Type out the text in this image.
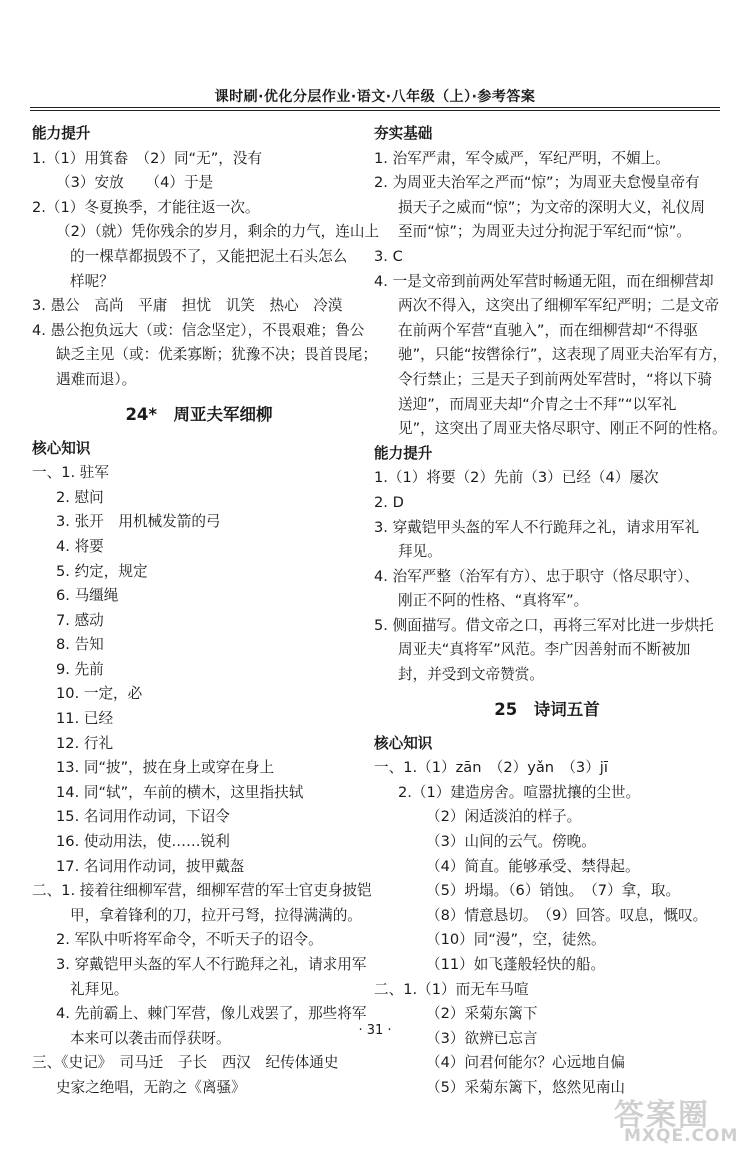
课时刷·优化分层作业·语文·八年级（上）·参考答案
能力提升
1.（1）用箕畚　（2）同“无”，没有
（3）安放　　（4）于是
2.（1）冬夏换季，才能往返一次。
（2）（就）凭你残余的岁月，剩余的力气，连山上
的一棵草都损毁不了，又能把泥土石头怎么
样呢？
3. 愚公　高尚　平庸　担忧　讥笑　热心　冷漠
4. 愚公抱负远大（或：信念坚定），不畏艰难；鲁公
缺乏主见（或：优柔寡断；犹豫不决；畏首畏尾；
遇难而退）。
24*　周亚夫军细柳
核心知识
一、1. 驻军
2. 慰问
3. 张开　用机械发箭的弓
4. 将要
5. 约定，规定
6. 马缰绳
7. 感动
8. 告知
9. 先前
10. 一定，必
11. 已经
12. 行礼
13. 同“披”，披在身上或穿在身上
14. 同“轼”，车前的横木，这里指扶轼
15. 名词用作动词，下诏令
16. 使动用法，使……锐利
17. 名词用作动词，披甲戴盔
二、1. 接着往细柳军营，细柳军营的军士官吏身披铠
甲，拿着锋利的刀，拉开弓弩，拉得满满的。
2. 军队中听将军命令，不听天子的诏令。
3. 穿戴铠甲头盔的军人不行跪拜之礼，请求用军
礼拜见。
4. 先前霸上、棘门军营，像儿戏罢了，那些将军
本来可以袭击而俘获呀。
三、《史记》　司马迁　子长　西汉　纪传体通史
史家之绝唱，无韵之《离骚》
夯实基础
1. 治军严肃，军令威严，军纪严明，不媚上。
2. 为周亚夫治军之严而“惊”；为周亚夫怠慢皇帝有
损天子之威而“惊”；为文帝的深明大义，礼仪周
至而“惊”；为周亚夫过分拘泥于军纪而“惊”。
3. C
4. 一是文帝到前两处军营时畅通无阻，而在细柳营却
两次不得入，这突出了细柳军军纪严明；二是文帝
在前两个军营“直驰入”，而在细柳营却“不得驱
驰”，只能“按辔徐行”，这表现了周亚夫治军有方，
令行禁止；三是天子到前两处军营时，“将以下骑
送迎”，而周亚夫却“介胄之士不拜”“以军礼
见”，这突出了周亚夫恪尽职守、刚正不阿的性格。
能力提升
1.（1）将要（2）先前（3）已经（4）屡次
2. D
3. 穿戴铠甲头盔的军人不行跪拜之礼，请求用军礼
拜见。
4. 治军严整（治军有方）、忠于职守（恪尽职守）、
刚正不阿的性格、“真将军”。
5. 侧面描写。借文帝之口，再将三军对比进一步烘托
周亚夫“真将军”风范。李广因善射而不断被加
封，并受到文帝赞赏。
25　诗词五首
核心知识
一、1.（1）zān　（2）yǎn　（3）jī
2.（1）建造房舍。喧嚣扰攘的尘世。
（2）闲适淡泊的样子。
（3）山间的云气。傍晚。
（4）简直。能够承受、禁得起。
（5）坍塌。（6）销蚀。　（7）拿，取。
（8）情意恳切。　（9）回答。叹息，慨叹。
（10）同“漫”，空，徒然。
（11）如飞蓬般轻快的船。
二、1.（1）而无车马喧
（2）采菊东篱下
（3）欲辨已忘言
（4）问君何能尔？心远地自偏
（5）采菊东篱下，悠然见南山
· 31 ·
答案圈
MXQE.COM
